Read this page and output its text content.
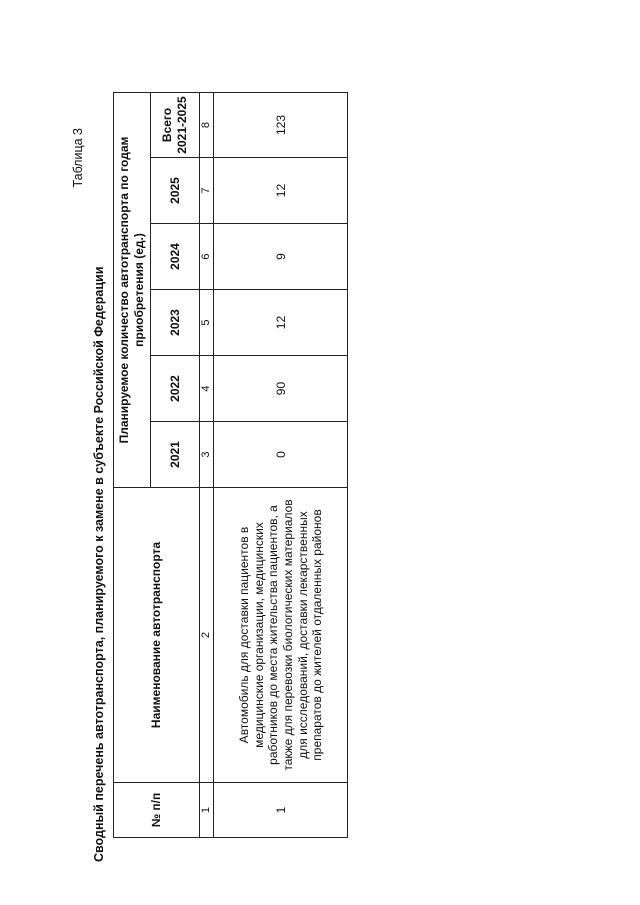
Таблица 3
Сводный перечень автотранспорта, планируемого к замене в субъекте Российской Федерации	№ п/п	Наименование автотранспорта	Планируемое количество автотранспорта по годам приобретения (ед.)					
		2021	2022	2023	2024	2025	Всего
2021-2025
1	2	3	4	5	6	7	8
1	Автомобиль для доставки пациентов в медицинские организации, медицинских работников до места жительства пациентов, а также для перевозки биологических материалов для исследований, доставки лекарственных препаратов до жителей отдаленных районов	0	90	12	9	12	123
